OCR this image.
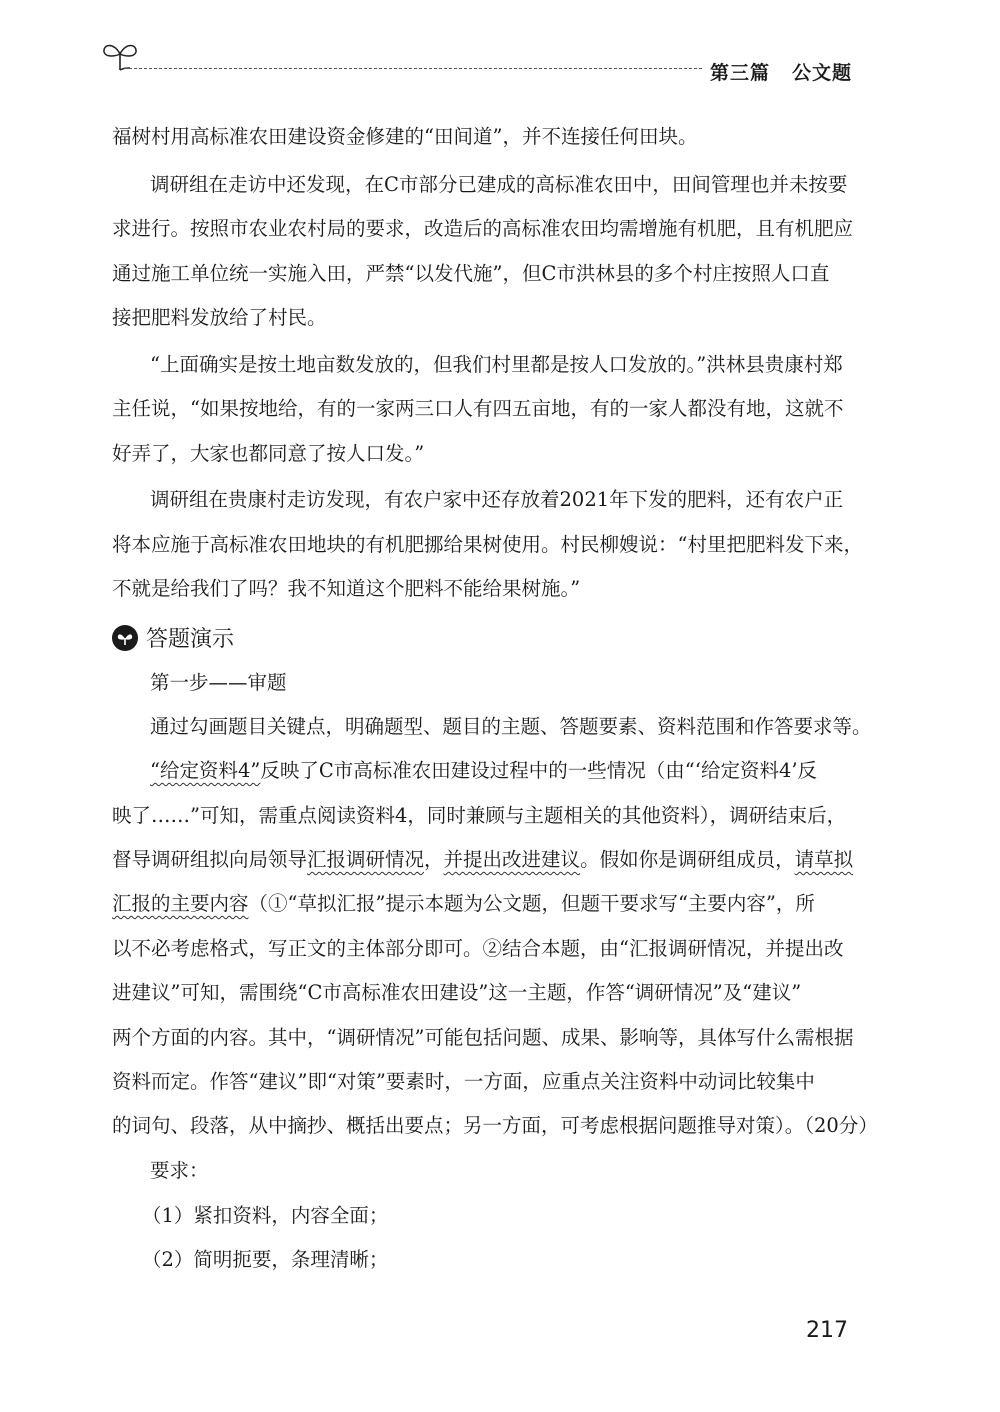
第三篇 公文题
福树村用高标准农田建设资金修建的“田间道”，并不连接任何田块。
调研组在走访中还发现，在C市部分已建成的高标准农田中，田间管理也并未按要
求进行。按照市农业农村局的要求，改造后的高标准农田均需增施有机肥，且有机肥应
通过施工单位统一实施入田，严禁“以发代施”，但C市洪林县的多个村庄按照人口直
接把肥料发放给了村民。
“上面确实是按土地亩数发放的，但我们村里都是按人口发放的。”洪林县贵康村郑
主任说，“如果按地给，有的一家两三口人有四五亩地，有的一家人都没有地，这就不
好弄了，大家也都同意了按人口发。”
调研组在贵康村走访发现，有农户家中还存放着2021年下发的肥料，还有农户正
将本应施于高标准农田地块的有机肥挪给果树使用。村民柳嫂说：“村里把肥料发下来，
不就是给我们了吗？我不知道这个肥料不能给果树施。”
答题演示
第一步——审题
通过勾画题目关键点，明确题型、题目的主题、答题要素、资料范围和作答要求等。
“给定资料4”反映了C市高标准农田建设过程中的一些情况（由“‘给定资料4’反
映了……”可知，需重点阅读资料4，同时兼顾与主题相关的其他资料），调研结束后，
督导调研组拟向局领导汇报调研情况，并提出改进建议。假如你是调研组成员，请草拟
汇报的主要内容（①“草拟汇报”提示本题为公文题，但题干要求写“主要内容”，所
以不必考虑格式，写正文的主体部分即可。②结合本题，由“汇报调研情况，并提出改
进建议”可知，需围绕“C市高标准农田建设”这一主题，作答“调研情况”及“建议”
两个方面的内容。其中，“调研情况”可能包括问题、成果、影响等，具体写什么需根据
资料而定。作答“建议”即“对策”要素时，一方面，应重点关注资料中动词比较集中
的词句、段落，从中摘抄、概括出要点；另一方面，可考虑根据问题推导对策）。（20分）
要求：
（1）紧扣资料，内容全面；
（2）简明扼要，条理清晰；
217
